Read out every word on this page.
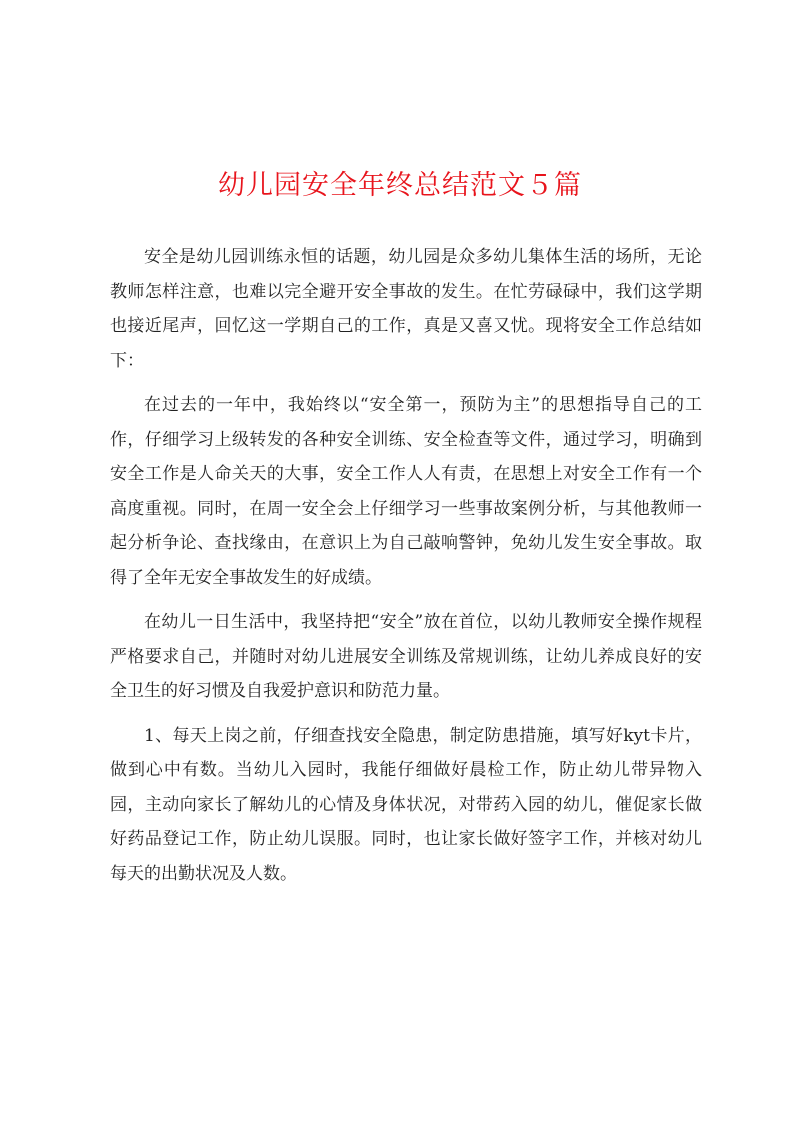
幼儿园安全年终总结范文５篇

安全是幼儿园训练永恒的话题，幼儿园是众多幼儿集体生活的场所，无论教师怎样注意，也难以完全避开安全事故的发生。在忙劳碌碌中，我们这学期也接近尾声，回忆这一学期自己的工作，真是又喜又忧。现将安全工作总结如下：

在过去的一年中，我始终以“安全第一，预防为主”的思想指导自己的工作，仔细学习上级转发的各种安全训练、安全检查等文件，通过学习，明确到安全工作是人命关天的大事，安全工作人人有责，在思想上对安全工作有一个高度重视。同时，在周一安全会上仔细学习一些事故案例分析，与其他教师一起分析争论、查找缘由，在意识上为自己敲响警钟，免幼儿发生安全事故。取得了全年无安全事故发生的好成绩。

在幼儿一日生活中，我坚持把“安全”放在首位，以幼儿教师安全操作规程严格要求自己，并随时对幼儿进展安全训练及常规训练，让幼儿养成良好的安全卫生的好习惯及自我爱护意识和防范力量。

1、每天上岗之前，仔细查找安全隐患，制定防患措施，填写好kyt卡片，做到心中有数。当幼儿入园时，我能仔细做好晨检工作，防止幼儿带异物入园，主动向家长了解幼儿的心情及身体状况，对带药入园的幼儿，催促家长做好药品登记工作，防止幼儿误服。同时，也让家长做好签字工作，并核对幼儿每天的出勤状况及人数。
